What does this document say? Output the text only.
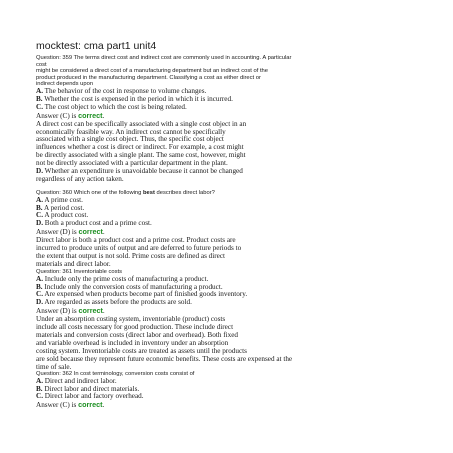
mocktest: cma part1 unit4
Question: 359 The terms direct cost and indirect cost are commonly used in accounting. A particular
cost
might be considered a direct cost of a manufacturing department but an indirect cost of the
product produced in the manufacturing department. Classifying a cost as either direct or
indirect depends upon
A. The behavior of the cost in response to volume changes.
B. Whether the cost is expensed in the period in which it is incurred.
C. The cost object to which the cost is being related.
Answer (C) is correct.
A direct cost can be specifically associated with a single cost object in an
economically feasible way. An indirect cost cannot be specifically
associated with a single cost object. Thus, the specific cost object
influences whether a cost is direct or indirect. For example, a cost might
be directly associated with a single plant. The same cost, however, might
not be directly associated with a particular department in the plant.
D. Whether an expenditure is unavoidable because it cannot be changed
regardless of any action taken.
Question: 360 Which one of the following best describes direct labor?
A. A prime cost.
B. A period cost.
C. A product cost.
D. Both a product cost and a prime cost.
Answer (D) is correct.
Direct labor is both a product cost and a prime cost. Product costs are
incurred to produce units of output and are deferred to future periods to
the extent that output is not sold. Prime costs are defined as direct
materials and direct labor.
Question: 361 Inventoriable costs
A. Include only the prime costs of manufacturing a product.
B. Include only the conversion costs of manufacturing a product.
C. Are expensed when products become part of finished goods inventory.
D. Are regarded as assets before the products are sold.
Answer (D) is correct.
Under an absorption costing system, inventoriable (product) costs
include all costs necessary for good production. These include direct
materials and conversion costs (direct labor and overhead). Both fixed
and variable overhead is included in inventory under an absorption
costing system. Inventoriable costs are treated as assets until the products
are sold because they represent future economic benefits. These costs are expensed at the
time of sale.
Question: 362 In cost terminology, conversion costs consist of
A. Direct and indirect labor.
B. Direct labor and direct materials.
C. Direct labor and factory overhead.
Answer (C) is correct.
